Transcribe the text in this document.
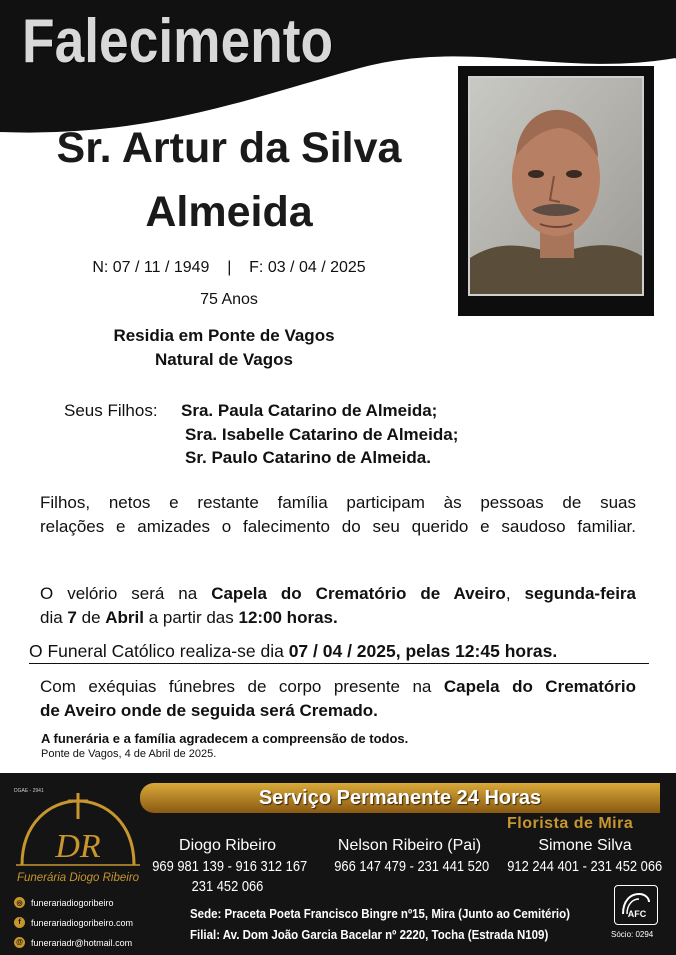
Falecimento
Sr. Artur da Silva
Almeida
N: 07 / 11 / 1949    |    F: 03 / 04 / 2025
75 Anos
Residia em Ponte de Vagos
Natural de Vagos
Seus Filhos: Sra. Paula Catarino de Almeida;
Sra. Isabelle Catarino de Almeida;
Sr. Paulo Catarino de Almeida.
Filhos, netos e restante família participam às pessoas de suas
relações e amizades o falecimento do seu querido e saudoso familiar.
O velório será na Capela do Crematório de Aveiro, segunda-feira
dia 7 de Abril a partir das 12:00 horas.
O Funeral Católico realiza-se dia 07 / 04 / 2025, pelas 12:45 horas.
Com exéquias fúnebres de corpo presente na Capela do Crematório
de Aveiro onde de seguida será Cremado.
A funerária e a família agradecem a compreensão de todos.
Ponte de Vagos, 4 de Abril de 2025.
DGAE - 2941	Serviço Permanente 24 Horas
DR
Funerária Diogo Ribeiro
Florista de Mira
Diogo Ribeiro
969 981 139 - 916 312 167
231 452 066
Nelson Ribeiro (Pai)
966 147 479 - 231 441 520
Simone Silva
912 244 401 - 231 452 066
◎ funerariadiogoribeiro
f	funerariadiogoribeiro.com
@ funerariadr@hotmail.com
Sede: Praceta Poeta Francisco Bingre nº15, Mira (Junto ao Cemitério)
Filial: Av. Dom João Garcia Bacelar nº 2220, Tocha (Estrada N109)
AFC
Sócio: 0294
